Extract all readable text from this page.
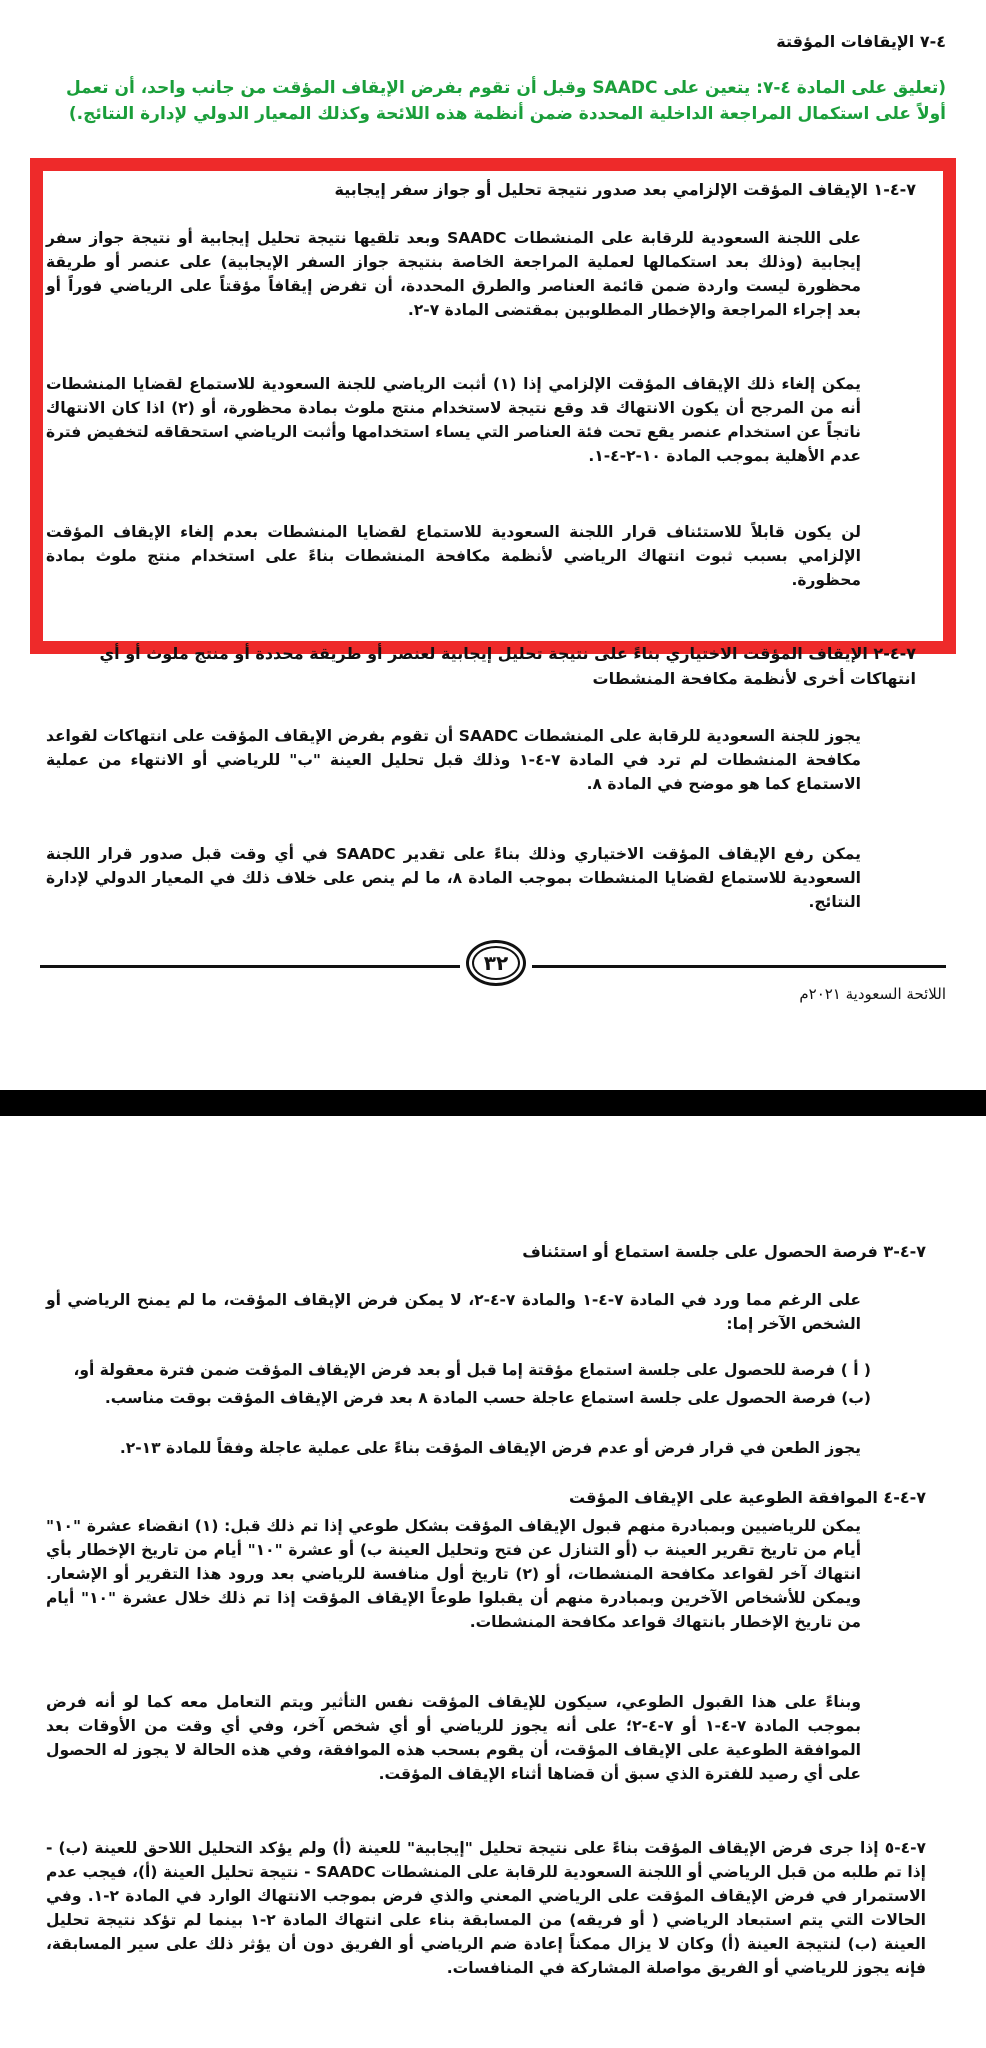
٤-٧ الإيقافات المؤقتة
(تعليق على المادة ٤-٧: يتعين على SAADC وقبل أن تقوم بفرض الإيقاف المؤقت من جانب واحد، أن تعمل أولاً على استكمال المراجعة الداخلية المحددة ضمن أنظمة هذه اللائحة وكذلك المعيار الدولي لإدارة النتائج.)
٧-٤-١ الإيقاف المؤقت الإلزامي بعد صدور نتيجة تحليل أو جواز سفر إيجابية
على اللجنة السعودية للرقابة على المنشطات SAADC وبعد تلقيها نتيجة تحليل إيجابية أو نتيجة جواز سفر إيجابية (وذلك بعد استكمالها لعملية المراجعة الخاصة بنتيجة جواز السفر الإيجابية) على عنصر أو طريقة محظورة ليست واردة ضمن قائمة العناصر والطرق المحددة، أن تفرض إيقافاً مؤقتاً على الرياضي فوراً أو بعد إجراء المراجعة والإخطار المطلوبين بمقتضى المادة ٧-٢.
يمكن إلغاء ذلك الإيقاف المؤقت الإلزامي إذا (١) أثبت الرياضي للجنة السعودية للاستماع لقضايا المنشطات أنه من المرجح أن يكون الانتهاك قد وقع نتيجة لاستخدام منتج ملوث بمادة محظورة، أو (٢) اذا كان الانتهاك ناتجاً عن استخدام عنصر يقع تحت فئة العناصر التي يساء استخدامها وأثبت الرياضي استحقاقه لتخفيض فترة عدم الأهلية بموجب المادة ١٠-٢-٤-١.
لن يكون قابلاً للاستئناف قرار اللجنة السعودية للاستماع لقضايا المنشطات بعدم إلغاء الإيقاف المؤقت الإلزامي بسبب ثبوت انتهاك الرياضي لأنظمة مكافحة المنشطات بناءً على استخدام منتج ملوث بمادة محظورة.
٧-٤-٢ الإيقاف المؤقت الاختياري بناءً على نتيجة تحليل إيجابية لعنصر أو طريقة محددة أو منتج ملوث أو أي انتهاكات أخرى لأنظمة مكافحة المنشطات
يجوز للجنة السعودية للرقابة على المنشطات SAADC أن تقوم بفرض الإيقاف المؤقت على انتهاكات لقواعد مكافحة المنشطات لم ترد في المادة ٧-٤-١ وذلك قبل تحليل العينة "ب" للرياضي أو الانتهاء من عملية الاستماع كما هو موضح في المادة ٨.
يمكن رفع الإيقاف المؤقت الاختياري وذلك بناءً على تقدير SAADC في أي وقت قبل صدور قرار اللجنة السعودية للاستماع لقضايا المنشطات بموجب المادة ٨، ما لم ينص على خلاف ذلك في المعيار الدولي لإدارة النتائج.
٣٢
اللائحة السعودية ٢٠٢١م
٧-٤-٣ فرصة الحصول على جلسة استماع أو استئناف
على الرغم مما ورد في المادة ٧-٤-١ والمادة ٧-٤-٢، لا يمكن فرض الإيقاف المؤقت، ما لم يمنح الرياضي أو الشخص الآخر إما:
( أ ) فرصة للحصول على جلسة استماع مؤقتة إما قبل أو بعد فرض الإيقاف المؤقت ضمن فترة معقولة أو،
(ب) فرصة الحصول على جلسة استماع عاجلة حسب المادة ٨ بعد فرض الإيقاف المؤقت بوقت مناسب.
يجوز الطعن في قرار فرض أو عدم فرض الإيقاف المؤقت بناءً على عملية عاجلة وفقاً للمادة ١٣-٢.
٧-٤-٤ الموافقة الطوعية على الإيقاف المؤقت
يمكن للرياضيين وبمبادرة منهم قبول الإيقاف المؤقت بشكل طوعي إذا تم ذلك قبل: (١) انقضاء عشرة "١٠" أيام من تاريخ تقرير العينة ب (أو التنازل عن فتح وتحليل العينة ب) أو عشرة "١٠" أيام من تاريخ الإخطار بأي انتهاك آخر لقواعد مكافحة المنشطات، أو (٢) تاريخ أول منافسة للرياضي بعد ورود هذا التقرير أو الإشعار. ويمكن للأشخاص الآخرين وبمبادرة منهم أن يقبلوا طوعاً الإيقاف المؤقت إذا تم ذلك خلال عشرة "١٠" أيام من تاريخ الإخطار بانتهاك قواعد مكافحة المنشطات.
وبناءً على هذا القبول الطوعي، سيكون للإيقاف المؤقت نفس التأثير ويتم التعامل معه كما لو أنه فرض بموجب المادة ٧-٤-١ أو ٧-٤-٢؛ على أنه يجوز للرياضي أو أي شخص آخر، وفي أي وقت من الأوقات بعد الموافقة الطوعية على الإيقاف المؤقت، أن يقوم بسحب هذه الموافقة، وفي هذه الحالة لا يجوز له الحصول على أي رصيد للفترة الذي سبق أن قضاها أثناء الإيقاف المؤقت.
٧-٤-٥ إذا جرى فرض الإيقاف المؤقت بناءً على نتيجة تحليل "إيجابية" للعينة (أ) ولم يؤكد التحليل اللاحق للعينة (ب) - إذا تم طلبه من قبل الرياضي أو اللجنة السعودية للرقابة على المنشطات SAADC - نتيجة تحليل العينة (أ)، فيجب عدم الاستمرار في فرض الإيقاف المؤقت على الرياضي المعني والذي فرض بموجب الانتهاك الوارد في المادة ٢-١. وفي الحالات التي يتم استبعاد الرياضي ( أو فريقه) من المسابقة بناء على انتهاك المادة ٢-١ بينما لم تؤكد نتيجة تحليل العينة (ب) لنتيجة العينة (أ) وكان لا يزال ممكناً إعادة ضم الرياضي أو الفريق دون أن يؤثر ذلك على سير المسابقة، فإنه يجوز للرياضي أو الفريق مواصلة المشاركة في المنافسات.
